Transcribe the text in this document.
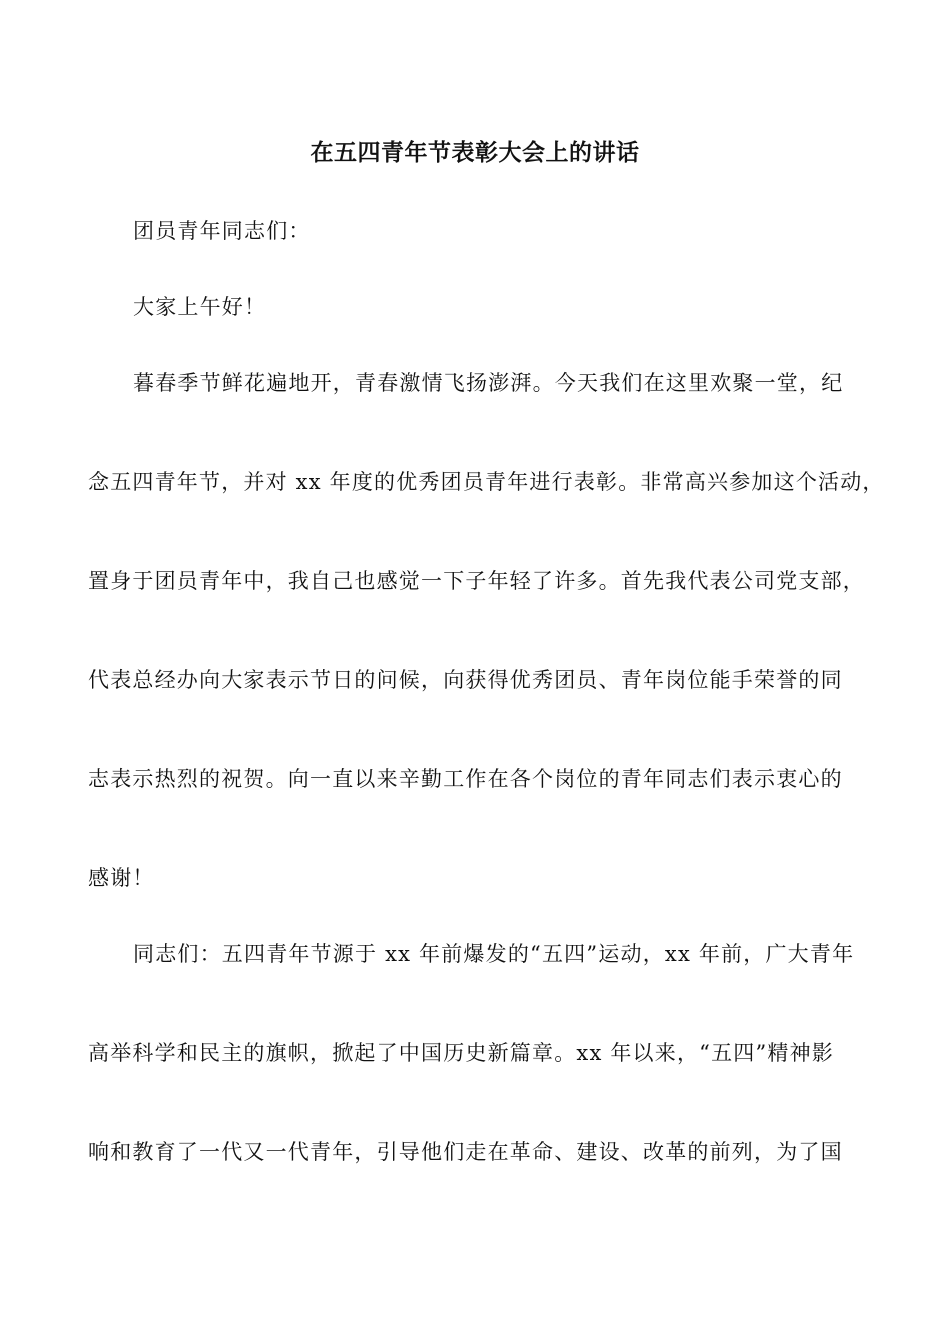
在五四青年节表彰大会上的讲话

团员青年同志们：

大家上午好！

暮春季节鲜花遍地开，青春激情飞扬澎湃。今天我们在这里欢聚一堂，纪

念五四青年节，并对 xx 年度的优秀团员青年进行表彰。非常高兴参加这个活动，

置身于团员青年中，我自己也感觉一下子年轻了许多。首先我代表公司党支部，

代表总经办向大家表示节日的问候，向获得优秀团员、青年岗位能手荣誉的同

志表示热烈的祝贺。向一直以来辛勤工作在各个岗位的青年同志们表示衷心的

感谢！

同志们：五四青年节源于 xx 年前爆发的“五四”运动，xx 年前，广大青年

高举科学和民主的旗帜，掀起了中国历史新篇章。xx 年以来，“五四”精神影

响和教育了一代又一代青年，引导他们走在革命、建设、改革的前列，为了国
